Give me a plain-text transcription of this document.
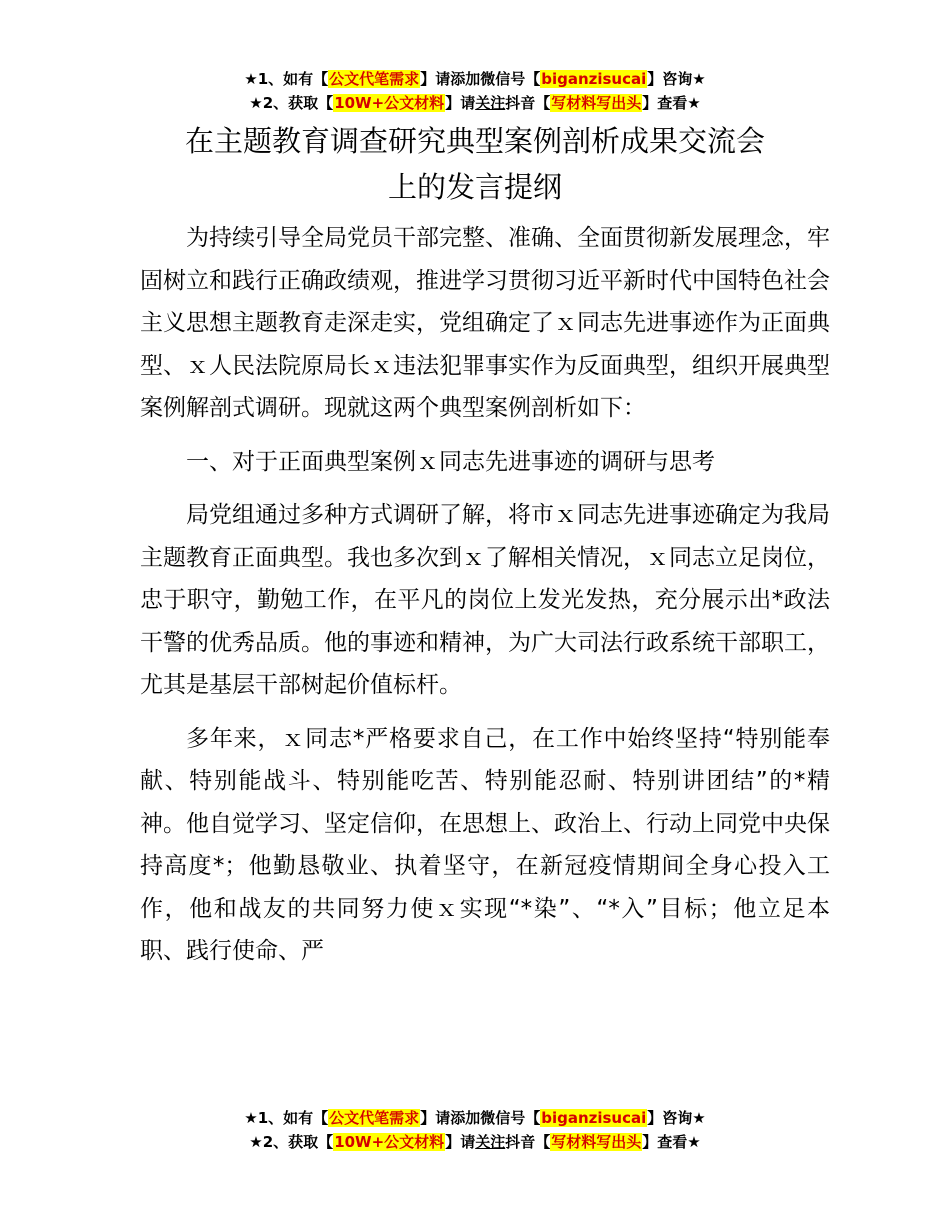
★1、如有【公文代笔需求】请添加微信号【biganzisucai】咨询★
★2、获取【10W+公文材料】请关注抖音【写材料写出头】查看★
在主题教育调查研究典型案例剖析成果交流会
上的发言提纲

为持续引导全局党员干部完整、准确、全面贯彻新发展理念，牢固树立和践行正确政绩观，推进学习贯彻习近平新时代中国特色社会主义思想主题教育走深走实，党组确定了ｘ同志先进事迹作为正面典型、ｘ人民法院原局长ｘ违法犯罪事实作为反面典型，组织开展典型案例解剖式调研。现就这两个典型案例剖析如下：

一、对于正面典型案例ｘ同志先进事迹的调研与思考

局党组通过多种方式调研了解，将市ｘ同志先进事迹确定为我局主题教育正面典型。我也多次到ｘ了解相关情况，ｘ同志立足岗位，忠于职守，勤勉工作，在平凡的岗位上发光发热，充分展示出*政法干警的优秀品质。他的事迹和精神，为广大司法行政系统干部职工，尤其是基层干部树起价值标杆。

多年来，ｘ同志*严格要求自己，在工作中始终坚持“特别能奉献、特别能战斗、特别能吃苦、特别能忍耐、特别讲团结”的*精神。他自觉学习、坚定信仰，在思想上、政治上、行动上同党中央保持高度*；他勤恳敬业、执着坚守，在新冠疫情期间全身心投入工作，他和战友的共同努力使ｘ实现“*染”、“*入”目标；他立足本职、践行使命、严

★1、如有【公文代笔需求】请添加微信号【biganzisucai】咨询★
★2、获取【10W+公文材料】请关注抖音【写材料写出头】查看★
